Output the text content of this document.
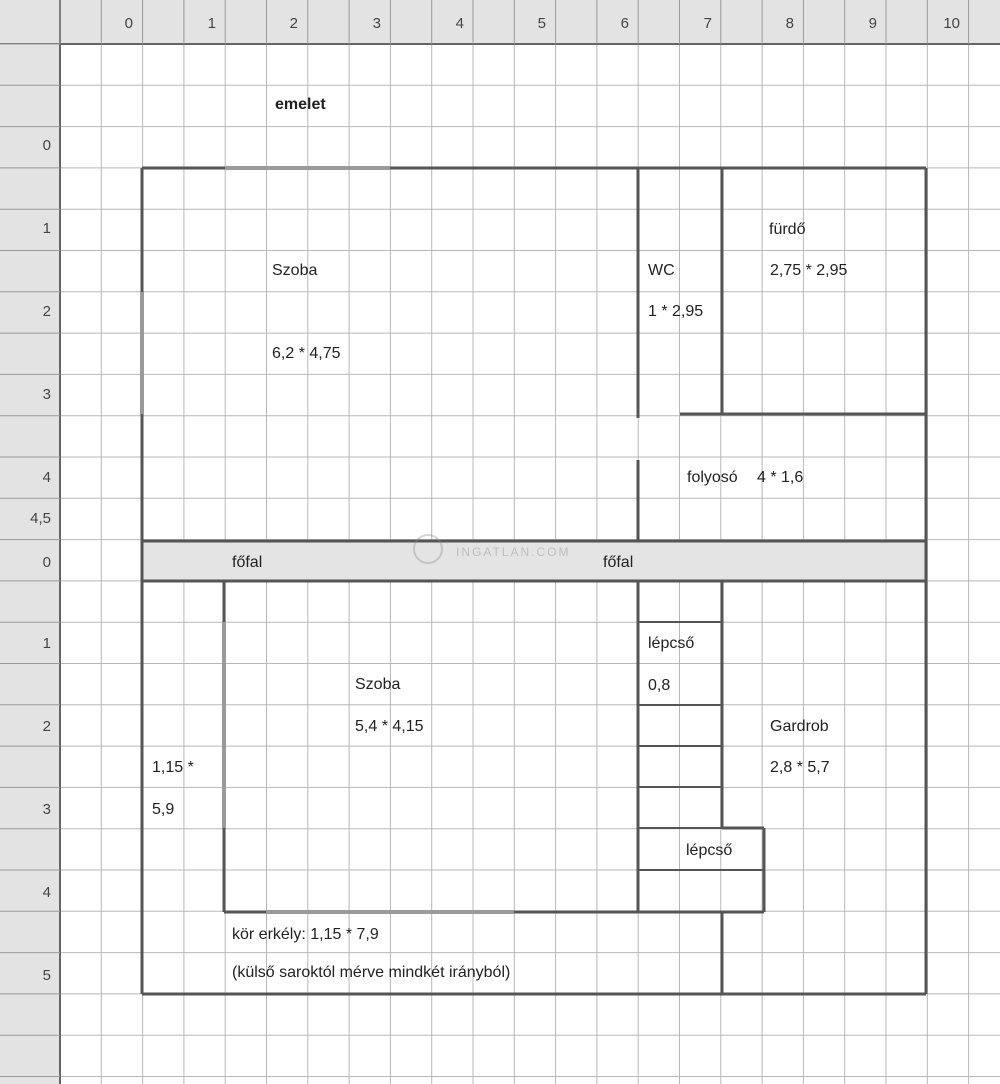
0	1	2	3	4	5	6	7	8	9	10
0
1
2
3
4
4,5
0
1
2
3
4
5
INGATLAN.COM
emelet
Szoba
6,2 * 4,75
WC
1 * 2,95
fürdő
2,75 * 2,95
folyosó 4 * 1,6
főfal	főfal
Szoba
5,4 * 4,15
1,15 *
5,9
lépcső
0,8
lépcső
Gardrob
2,8 * 5,7
kör erkély: 1,15 * 7,9
(külső saroktól mérve mindkét irányból)
